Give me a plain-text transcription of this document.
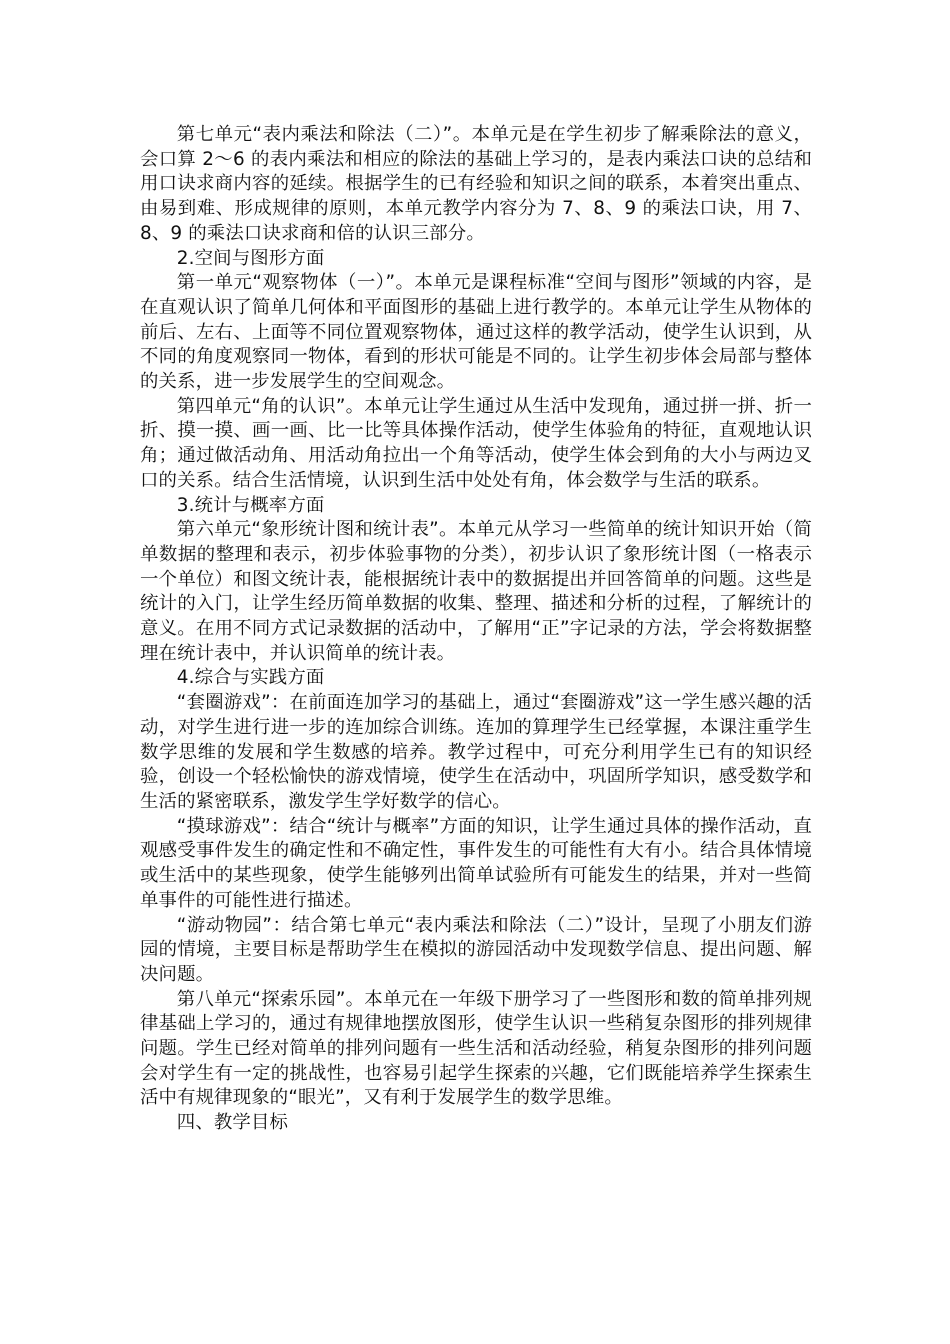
第七单元“表内乘法和除法（二）”。本单元是在学生初步了解乘除法的意义，会口算 2～6 的表内乘法和相应的除法的基础上学习的，是表内乘法口诀的总结和用口诀求商内容的延续。根据学生的已有经验和知识之间的联系，本着突出重点、由易到难、形成规律的原则，本单元教学内容分为 7、8、9 的乘法口诀，用 7、8、9 的乘法口诀求商和倍的认识三部分。

2.空间与图形方面

第一单元“观察物体（一）”。本单元是课程标准“空间与图形”领域的内容，是在直观认识了简单几何体和平面图形的基础上进行教学的。本单元让学生从物体的前后、左右、上面等不同位置观察物体，通过这样的教学活动，使学生认识到，从不同的角度观察同一物体，看到的形状可能是不同的。让学生初步体会局部与整体的关系，进一步发展学生的空间观念。

第四单元“角的认识”。本单元让学生通过从生活中发现角，通过拼一拼、折一折、摸一摸、画一画、比一比等具体操作活动，使学生体验角的特征，直观地认识角；通过做活动角、用活动角拉出一个角等活动，使学生体会到角的大小与两边叉口的关系。结合生活情境，认识到生活中处处有角，体会数学与生活的联系。

3.统计与概率方面

第六单元“象形统计图和统计表”。本单元从学习一些简单的统计知识开始（简单数据的整理和表示，初步体验事物的分类），初步认识了象形统计图（一格表示一个单位）和图文统计表，能根据统计表中的数据提出并回答简单的问题。这些是统计的入门，让学生经历简单数据的收集、整理、描述和分析的过程，了解统计的意义。在用不同方式记录数据的活动中，了解用“正”字记录的方法，学会将数据整理在统计表中，并认识简单的统计表。

4.综合与实践方面

“套圈游戏”：在前面连加学习的基础上，通过“套圈游戏”这一学生感兴趣的活动，对学生进行进一步的连加综合训练。连加的算理学生已经掌握，本课注重学生数学思维的发展和学生数感的培养。教学过程中，可充分利用学生已有的知识经验，创设一个轻松愉快的游戏情境，使学生在活动中，巩固所学知识，感受数学和生活的紧密联系，激发学生学好数学的信心。

“摸球游戏”：结合“统计与概率”方面的知识，让学生通过具体的操作活动，直观感受事件发生的确定性和不确定性，事件发生的可能性有大有小。结合具体情境或生活中的某些现象，使学生能够列出简单试验所有可能发生的结果，并对一些简单事件的可能性进行描述。

“游动物园”：结合第七单元“表内乘法和除法（二）”设计，呈现了小朋友们游园的情境，主要目标是帮助学生在模拟的游园活动中发现数学信息、提出问题、解决问题。

第八单元“探索乐园”。本单元在一年级下册学习了一些图形和数的简单排列规律基础上学习的，通过有规律地摆放图形，使学生认识一些稍复杂图形的排列规律问题。学生已经对简单的排列问题有一些生活和活动经验，稍复杂图形的排列问题会对学生有一定的挑战性，也容易引起学生探索的兴趣，它们既能培养学生探索生活中有规律现象的“眼光”，又有利于发展学生的数学思维。

四、教学目标
